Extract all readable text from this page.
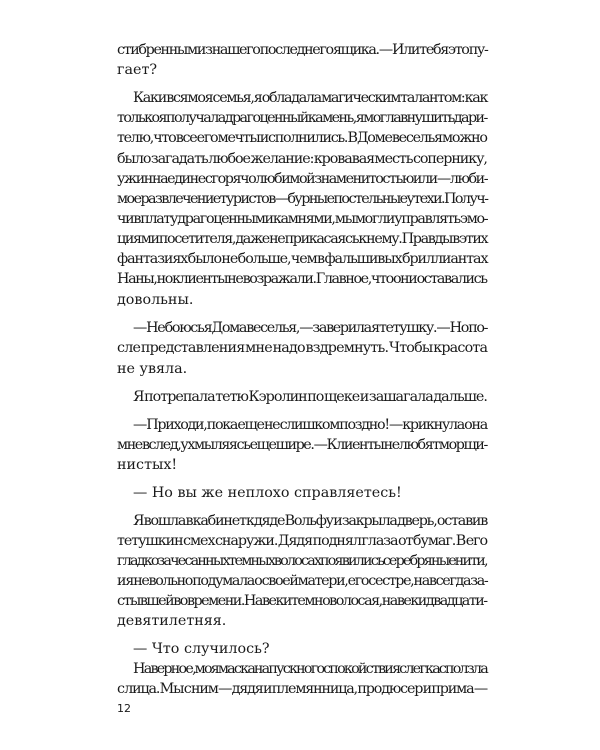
стибренным из нашего последнего ящика. — Или тебя это пу-
гает?
Как и вся моя семья, я обладала магическим талантом: как
только я получала драгоценный камень, я могла внушить дари-
телю, что все его мечты исполнились. В Доме веселья можно
было загадать любое желание: кровавая месть сопернику,
ужин наедине с горячо любимой знаменитостью или — люби-
мое развлечение туристов — бурные постельные утехи. Получ-
чив плату драгоценными камнями, мы могли управлять эмо-
циями посетителя, даже не прикасаясь к нему. Правды в этих
фантазиях было не больше, чем в фальшивых бриллиантах
Наны, но клиенты не возражали. Главное, что они оставались
довольны.
— Не боюсь я Дома веселья, — заверила я тетушку. — Но по-
сле представления мне надо вздремнуть. Чтобы красота
не увяла.
Я потрепала тетю Кэролин по щеке и зашагала дальше.
— Приходи, пока еще не слишком поздно! — крикнула она
мне вслед, ухмыляясь еще шире. — Клиенты не любят морщи-
нистых!
— Но вы же неплохо справляетесь!
Я вошла в кабинет к дяде Вольфу и закрыла дверь, оставив
тетушкин смех снаружи. Дядя поднял глаза от бумаг. В его
гладко зачесанных темных волосах появились серебряные нити,
и я невольно подумала о своей матери, его сестре, навсегда за-
стывшей во времени. Навеки темноволосая, навеки двадцати-
девятилетняя.
— Что случилось?
Наверное, моя маска напускного спокойствия слегка сползла
с лица. Мы с ним — дядя и племянница, продюсер и прима —
12
